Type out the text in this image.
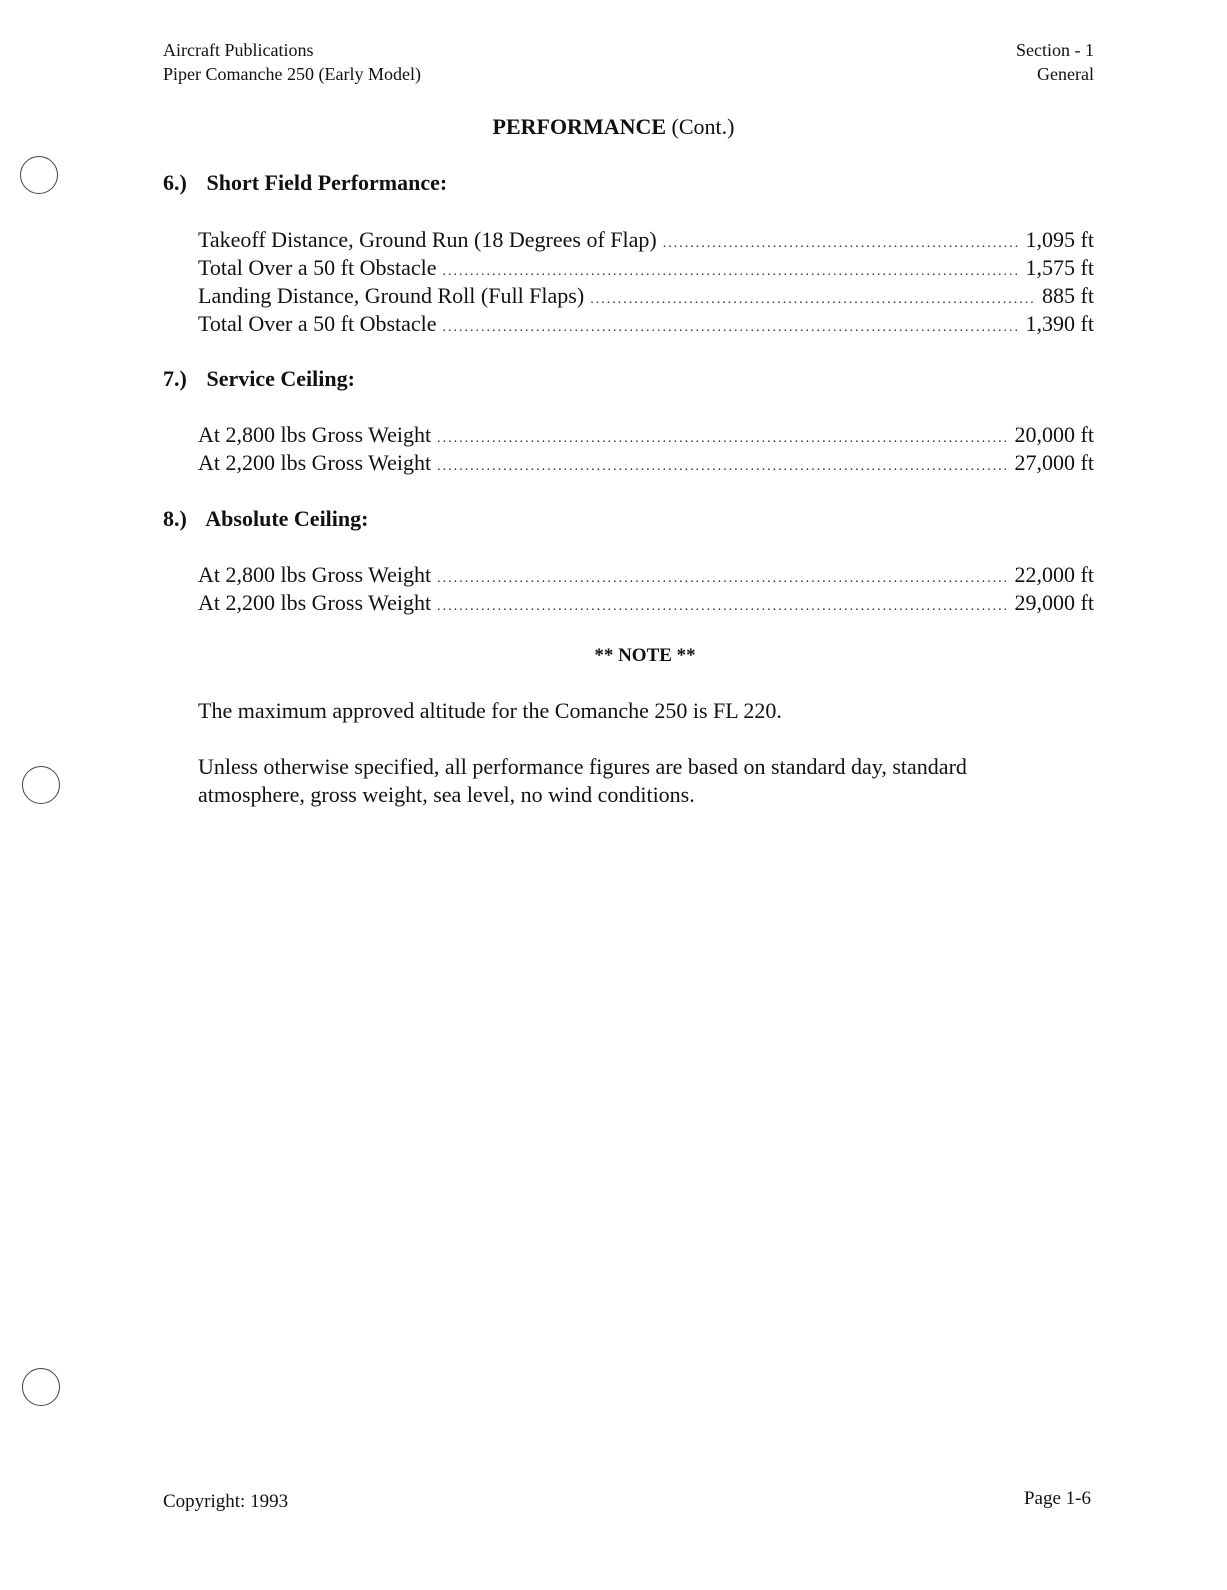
Aircraft Publications
Piper Comanche 250 (Early Model)
Section - 1
General
PERFORMANCE (Cont.)
6.) Short Field Performance:
Takeoff Distance, Ground Run (18 Degrees of Flap) .....	1,095 ft
Total Over a 50 ft Obstacle .....	1,575 ft
Landing Distance, Ground Roll (Full Flaps) .....	885 ft
Total Over a 50 ft Obstacle .....	1,390 ft
7.) Service Ceiling:
At 2,800 lbs Gross Weight .....	20,000 ft
At 2,200 lbs Gross Weight .....	27,000 ft
8.) Absolute Ceiling:
At 2,800 lbs Gross Weight .....	22,000 ft
At 2,200 lbs Gross Weight .....	29,000 ft
** NOTE **
The maximum approved altitude for the Comanche 250 is FL 220.
Unless otherwise specified, all performance figures are based on standard day, standard atmosphere, gross weight, sea level, no wind conditions.
Copyright: 1993	Page 1-6
